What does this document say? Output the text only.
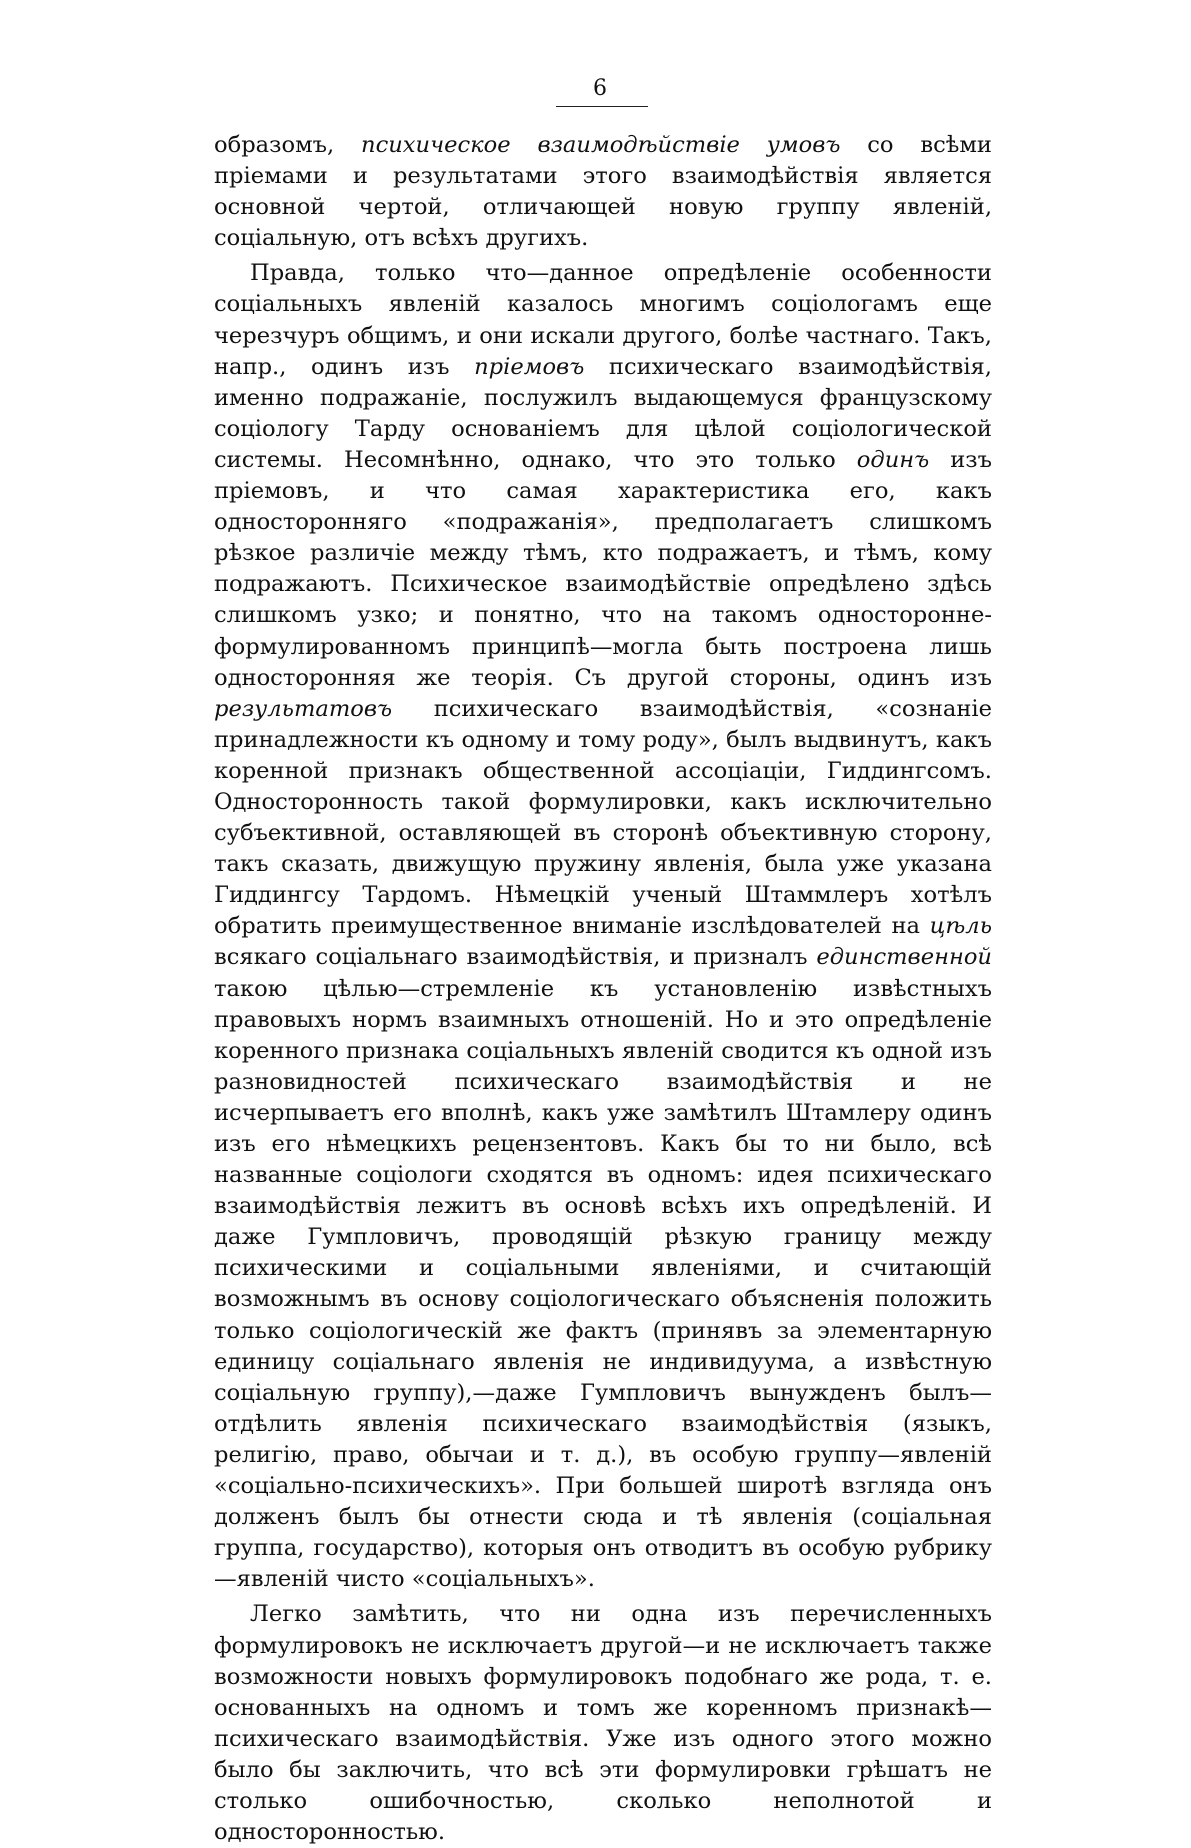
6

образомъ, психическое взаимодѣйствіе умовъ со всѣми пріемами и результатами этого взаимодѣйствія является основной чертой, отличающей новую группу явленій, соціальную, отъ всѣхъ другихъ.

Правда, только что—данное опредѣленіе особенности соціальныхъ явленій казалось многимъ соціологамъ еще черезчуръ общимъ, и они искали другого, болѣе частнаго. Такъ, напр., одинъ изъ пріемовъ психическаго взаимодѣйствія, именно подражаніе, послужилъ выдающемуся французскому соціологу Тарду основаніемъ для цѣлой соціологической системы. Несомнѣнно, однако, что это только одинъ изъ пріемовъ, и что самая характеристика его, какъ односторонняго «подражанія», предполагаетъ слишкомъ рѣзкое различіе между тѣмъ, кто подражаетъ, и тѣмъ, кому подражаютъ. Психическое взаимодѣйствіе опредѣлено здѣсь слишкомъ узко; и понятно, что на такомъ односторонне-формулированномъ принципѣ—могла быть построена лишь односторонняя же теорія. Съ другой стороны, одинъ изъ результатовъ психическаго взаимодѣйствія, «сознаніе принадлежности къ одному и тому роду», былъ выдвинутъ, какъ коренной признакъ общественной ассоціаціи, Гиддингсомъ. Односторонность такой формулировки, какъ исключительно субъективной, оставляющей въ сторонѣ объективную сторону, такъ сказать, движущую пружину явленія, была уже указана Гиддингсу Тардомъ. Нѣмецкій ученый Штаммлеръ хотѣлъ обратить преимущественное вниманіе изслѣдователей на цѣль всякаго соціальнаго взаимодѣйствія, и призналъ единственной такою цѣлью—стремленіе къ установленію извѣстныхъ правовыхъ нормъ взаимныхъ отношеній. Но и это опредѣленіе коренного признака соціальныхъ явленій сводится къ одной изъ разновидностей психическаго взаимодѣйствія и не исчерпываетъ его вполнѣ, какъ уже замѣтилъ Штамлеру одинъ изъ его нѣмецкихъ рецензентовъ. Какъ бы то ни было, всѣ названные соціологи сходятся въ одномъ: идея психическаго взаимодѣйствія лежитъ въ основѣ всѣхъ ихъ опредѣленій. И даже Гумпловичъ, проводящій рѣзкую границу между психическими и соціальными явленіями, и считающій возможнымъ въ основу соціологическаго объясненія положить только соціологическій же фактъ (принявъ за элементарную единицу соціальнаго явленія не индивидуума, а извѣстную соціальную группу),—даже Гумпловичъ вынужденъ былъ—отдѣлить явленія психическаго взаимодѣйствія (языкъ, религію, право, обычаи и т. д.), въ особую группу—явленій «соціально-психическихъ». При большей широтѣ взгляда онъ долженъ былъ бы отнести сюда и тѣ явленія (соціальная группа, государство), которыя онъ отводитъ въ особую рубрику—явленій чисто «соціальныхъ».

Легко замѣтить, что ни одна изъ перечисленныхъ формулировокъ не исключаетъ другой—и не исключаетъ также возможности новыхъ формулировокъ подобнаго же рода, т. е. основанныхъ на одномъ и томъ же коренномъ признакѣ—психическаго взаимодѣйствія. Уже изъ одного этого можно было бы заключить, что всѣ эти формулировки грѣшатъ не столько ошибочностью, сколько неполнотой и односторонностью.
